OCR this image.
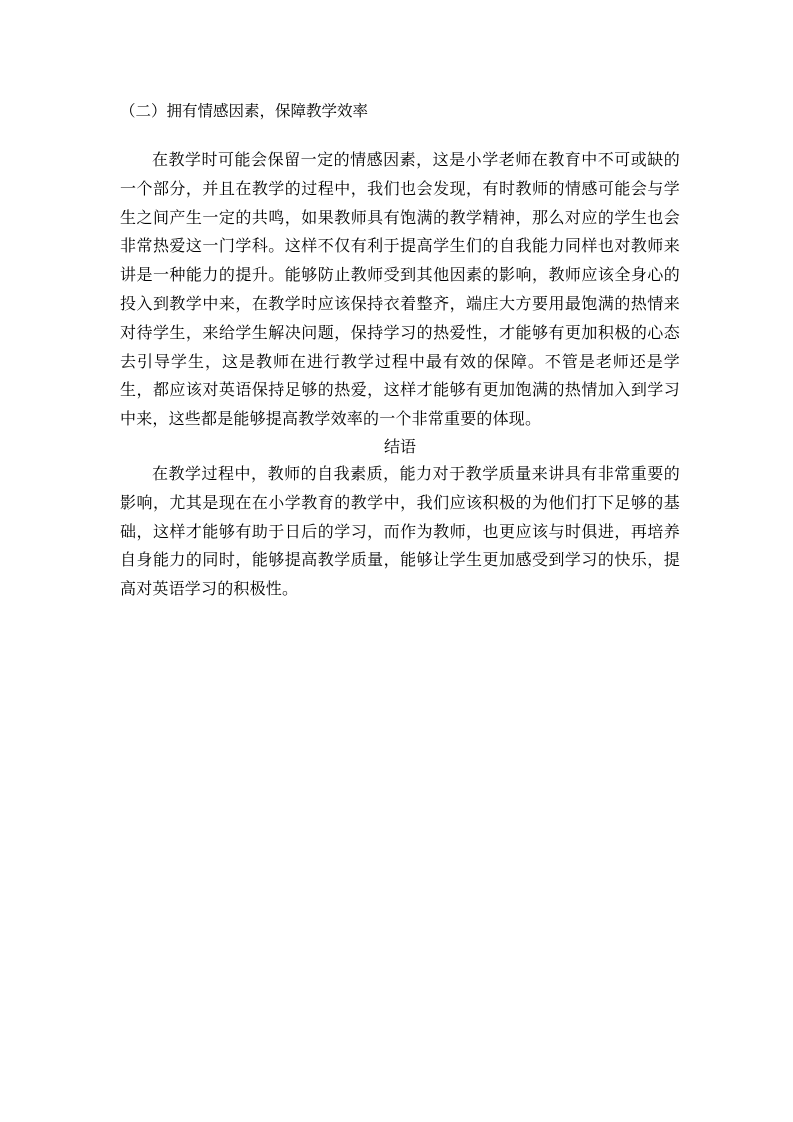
（二）拥有情感因素，保障教学效率

在教学时可能会保留一定的情感因素，这是小学老师在教育中不可或缺的一个部分，并且在教学的过程中，我们也会发现，有时教师的情感可能会与学生之间产生一定的共鸣，如果教师具有饱满的教学精神，那么对应的学生也会非常热爱这一门学科。这样不仅有利于提高学生们的自我能力同样也对教师来讲是一种能力的提升。能够防止教师受到其他因素的影响，教师应该全身心的投入到教学中来，在教学时应该保持衣着整齐，端庄大方要用最饱满的热情来对待学生，来给学生解决问题，保持学习的热爱性，才能够有更加积极的心态去引导学生，这是教师在进行教学过程中最有效的保障。不管是老师还是学生，都应该对英语保持足够的热爱，这样才能够有更加饱满的热情加入到学习中来，这些都是能够提高教学效率的一个非常重要的体现。

结语

在教学过程中，教师的自我素质，能力对于教学质量来讲具有非常重要的影响，尤其是现在在小学教育的教学中，我们应该积极的为他们打下足够的基础，这样才能够有助于日后的学习，而作为教师，也更应该与时俱进，再培养自身能力的同时，能够提高教学质量，能够让学生更加感受到学习的快乐，提高对英语学习的积极性。
